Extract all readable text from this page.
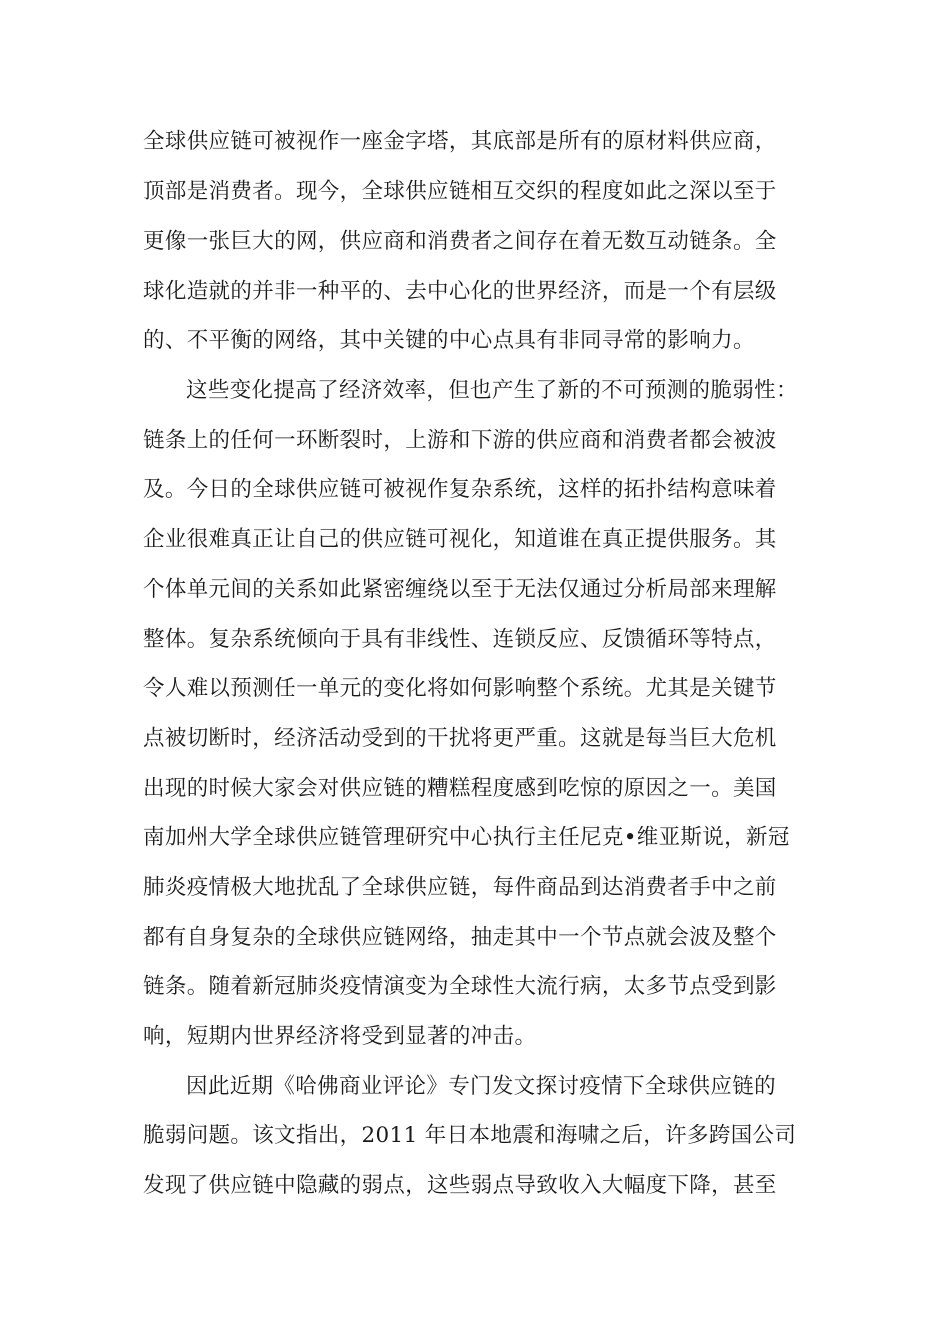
全球供应链可被视作一座金字塔，其底部是所有的原材料供应商，
顶部是消费者。现今，全球供应链相互交织的程度如此之深以至于
更像一张巨大的网，供应商和消费者之间存在着无数互动链条。全
球化造就的并非一种平的、去中心化的世界经济，而是一个有层级
的、不平衡的网络，其中关键的中心点具有非同寻常的影响力。
这些变化提高了经济效率，但也产生了新的不可预测的脆弱性：
链条上的任何一环断裂时，上游和下游的供应商和消费者都会被波
及。今日的全球供应链可被视作复杂系统，这样的拓扑结构意味着
企业很难真正让自己的供应链可视化，知道谁在真正提供服务。其
个体单元间的关系如此紧密缠绕以至于无法仅通过分析局部来理解
整体。复杂系统倾向于具有非线性、连锁反应、反馈循环等特点，
令人难以预测任一单元的变化将如何影响整个系统。尤其是关键节
点被切断时，经济活动受到的干扰将更严重。这就是每当巨大危机
出现的时候大家会对供应链的糟糕程度感到吃惊的原因之一。美国
南加州大学全球供应链管理研究中心执行主任尼克•维亚斯说，新冠
肺炎疫情极大地扰乱了全球供应链，每件商品到达消费者手中之前
都有自身复杂的全球供应链网络，抽走其中一个节点就会波及整个
链条。随着新冠肺炎疫情演变为全球性大流行病，太多节点受到影
响，短期内世界经济将受到显著的冲击。
因此近期《哈佛商业评论》专门发文探讨疫情下全球供应链的
脆弱问题。该文指出，2011 年日本地震和海啸之后，许多跨国公司
发现了供应链中隐藏的弱点，这些弱点导致收入大幅度下降，甚至
